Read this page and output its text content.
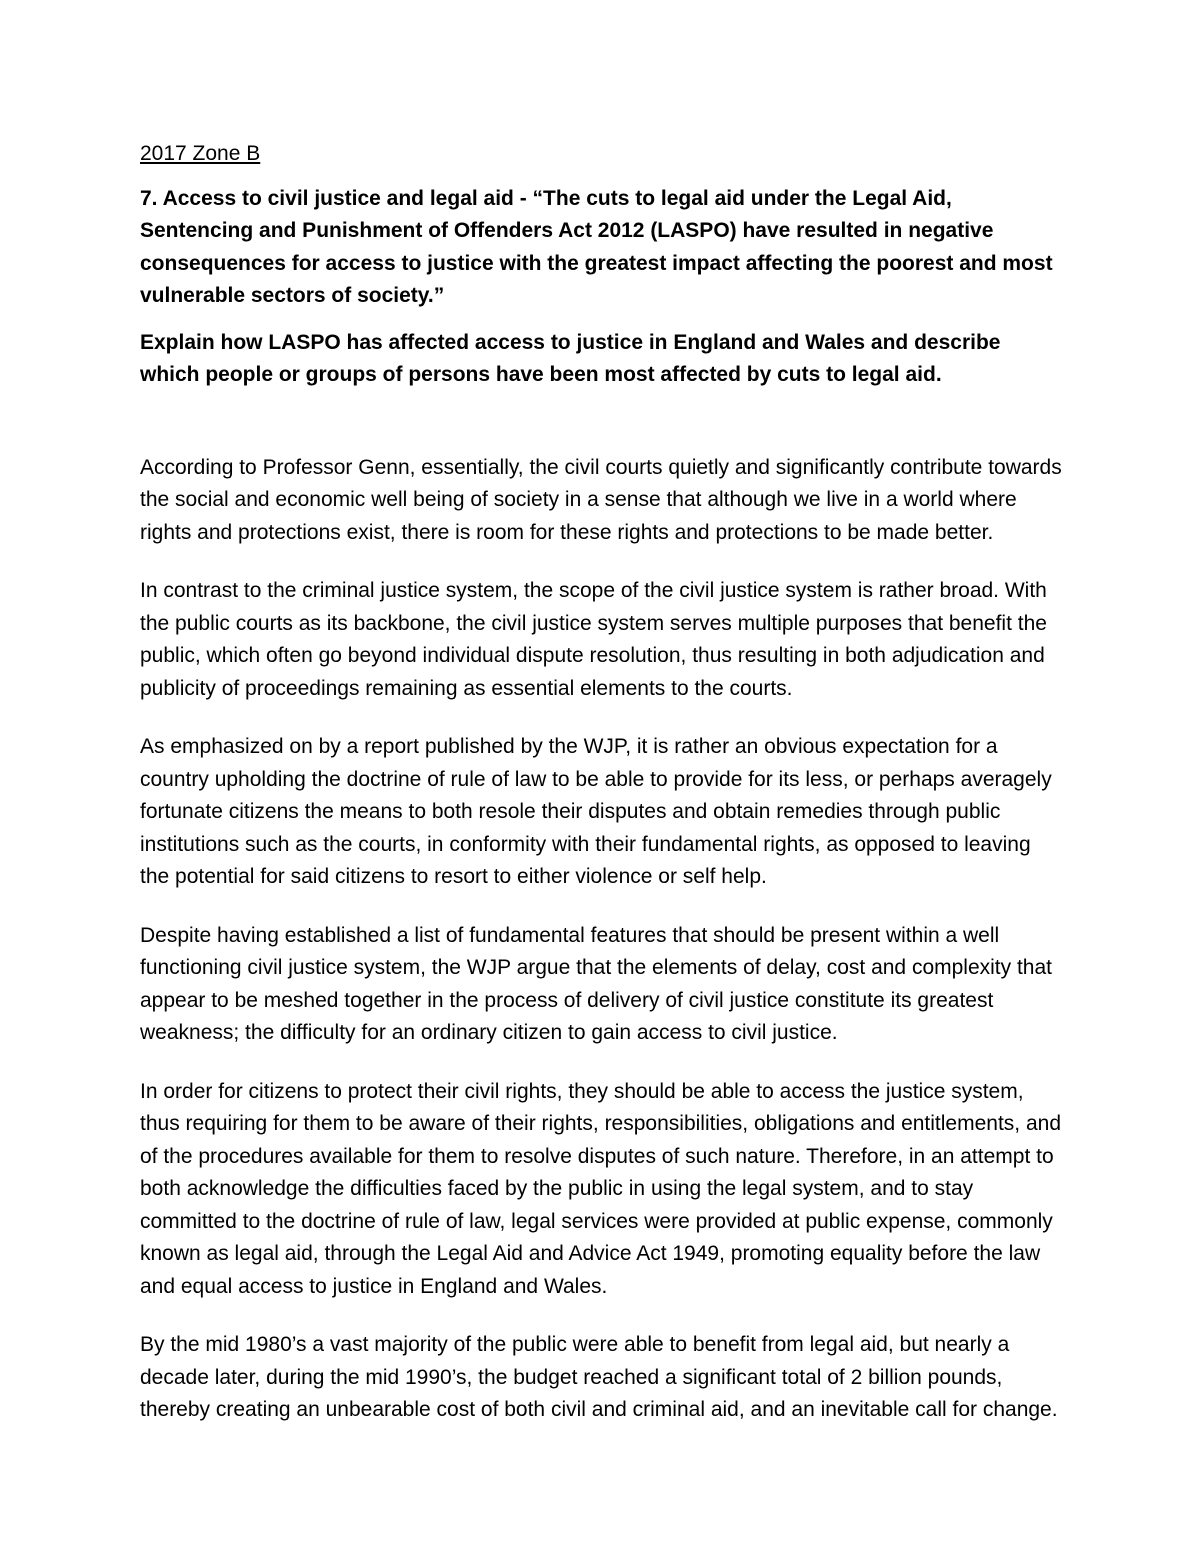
2017 Zone B

7. Access to civil justice and legal aid - “The cuts to legal aid under the Legal Aid, Sentencing and Punishment of Offenders Act 2012 (LASPO) have resulted in negative consequences for access to justice with the greatest impact affecting the poorest and most vulnerable sectors of society.”

Explain how LASPO has affected access to justice in England and Wales and describe which people or groups of persons have been most affected by cuts to legal aid.

According to Professor Genn, essentially, the civil courts quietly and significantly contribute towards the social and economic well being of society in a sense that although we live in a world where rights and protections exist, there is room for these rights and protections to be made better.

In contrast to the criminal justice system, the scope of the civil justice system is rather broad. With the public courts as its backbone, the civil justice system serves multiple purposes that benefit the public, which often go beyond individual dispute resolution, thus resulting in both adjudication and publicity of proceedings remaining as essential elements to the courts.

As emphasized on by a report published by the WJP, it is rather an obvious expectation for a country upholding the doctrine of rule of law to be able to provide for its less, or perhaps averagely fortunate citizens the means to both resole their disputes and obtain remedies through public institutions such as the courts, in conformity with their fundamental rights, as opposed to leaving the potential for said citizens to resort to either violence or self help.

Despite having established a list of fundamental features that should be present within a well functioning civil justice system, the WJP argue that the elements of delay, cost and complexity that appear to be meshed together in the process of delivery of civil justice constitute its greatest weakness; the difficulty for an ordinary citizen to gain access to civil justice.

In order for citizens to protect their civil rights, they should be able to access the justice system, thus requiring for them to be aware of their rights, responsibilities, obligations and entitlements, and of the procedures available for them to resolve disputes of such nature. Therefore, in an attempt to both acknowledge the difficulties faced by the public in using the legal system, and to stay committed to the doctrine of rule of law, legal services were provided at public expense, commonly known as legal aid, through the Legal Aid and Advice Act 1949, promoting equality before the law and equal access to justice in England and Wales.

By the mid 1980’s a vast majority of the public were able to benefit from legal aid, but nearly a decade later, during the mid 1990’s, the budget reached a significant total of 2 billion pounds, thereby creating an unbearable cost of both civil and criminal aid, and an inevitable call for change.
